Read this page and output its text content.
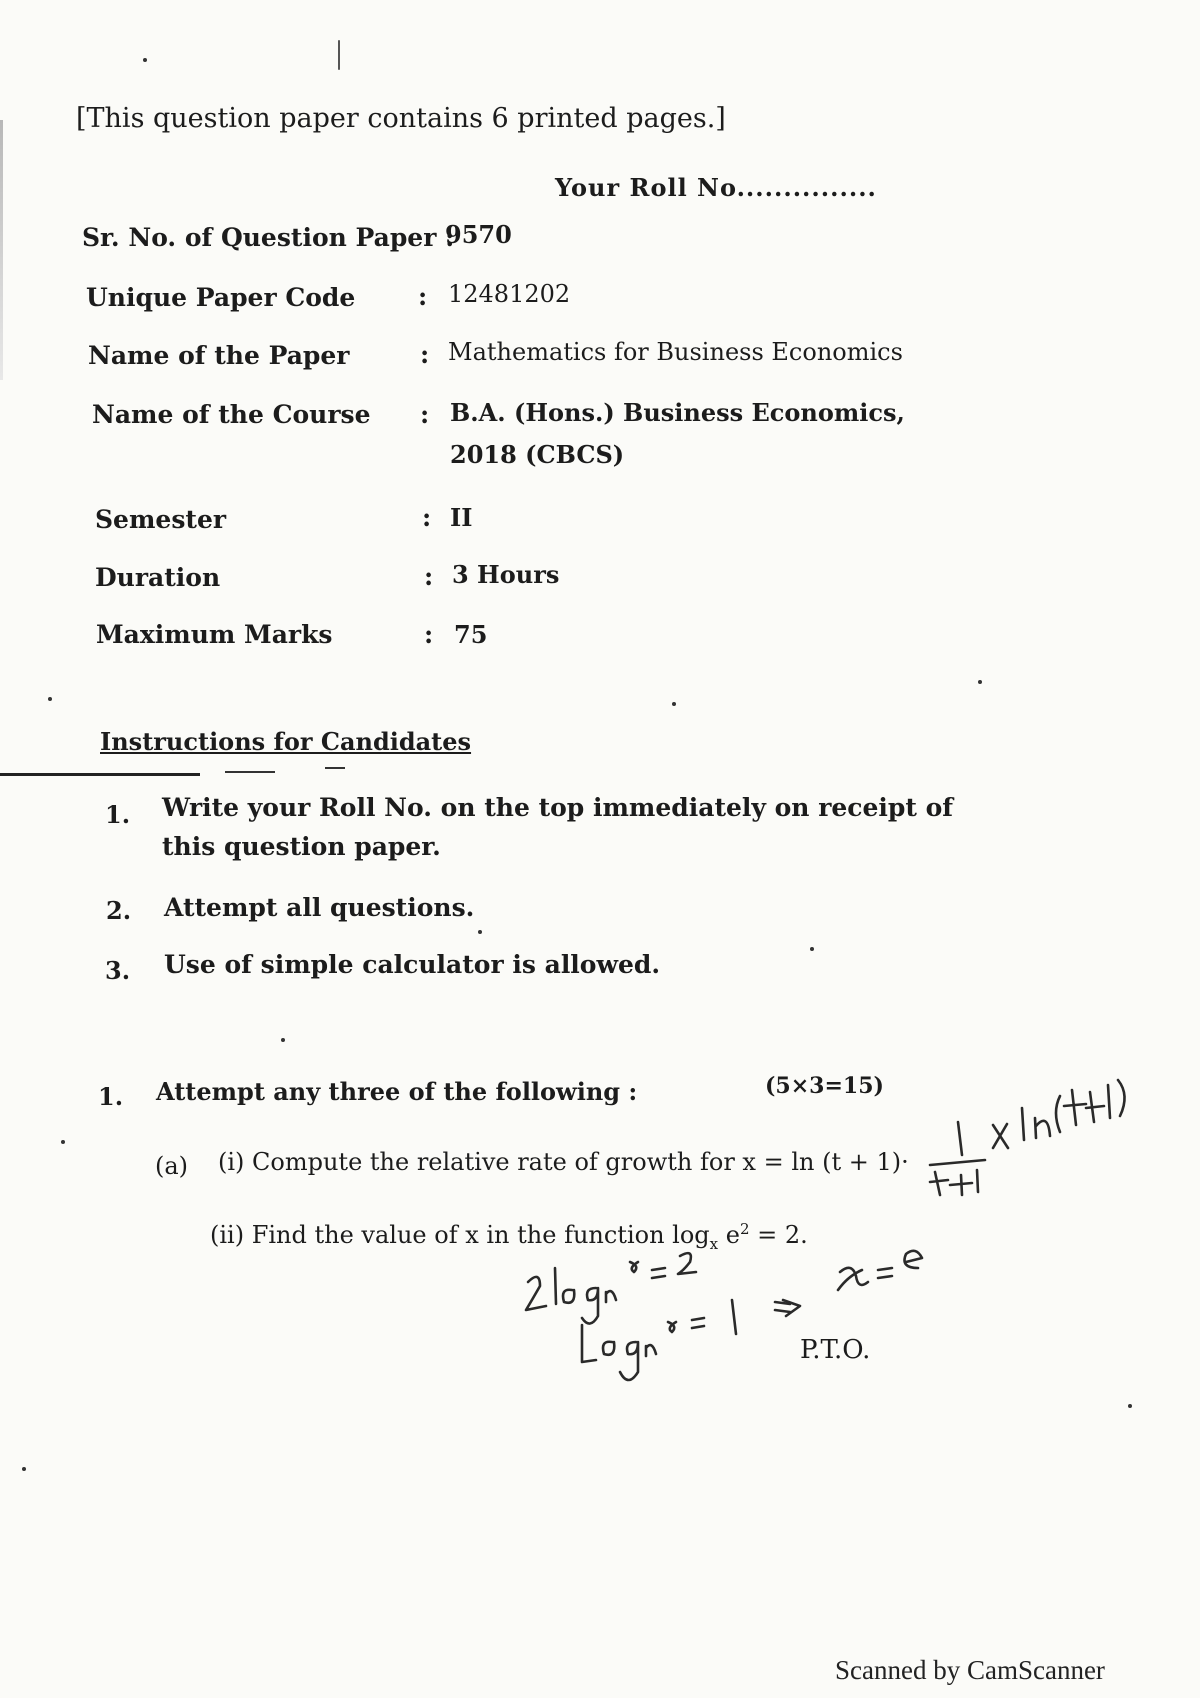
[This question paper contains 6 printed pages.]
Your Roll No...............
Sr. No. of Question Paper :
9570
Unique Paper Code	: 12481202
Name of the Paper	: Mathematics for Business Economics
Name of the Course : B.A. (Hons.) Business Economics,
2018 (CBCS)
Semester	: II
Duration	: 3 Hours
Maximum Marks	: 75
Instructions for Candidates
1. Write your Roll No. on the top immediately on receipt of
this question paper.
2. Attempt all questions.
3. Use of simple calculator is allowed.
1. Attempt any three of the following :	(5×3=15)
(a) (i) Compute the relative rate of growth for x = ln (t + 1)·
(ii) Find the value of x in the function $\log_x e^2 = 2$.
P.T.O.
Scanned by CamScanner
